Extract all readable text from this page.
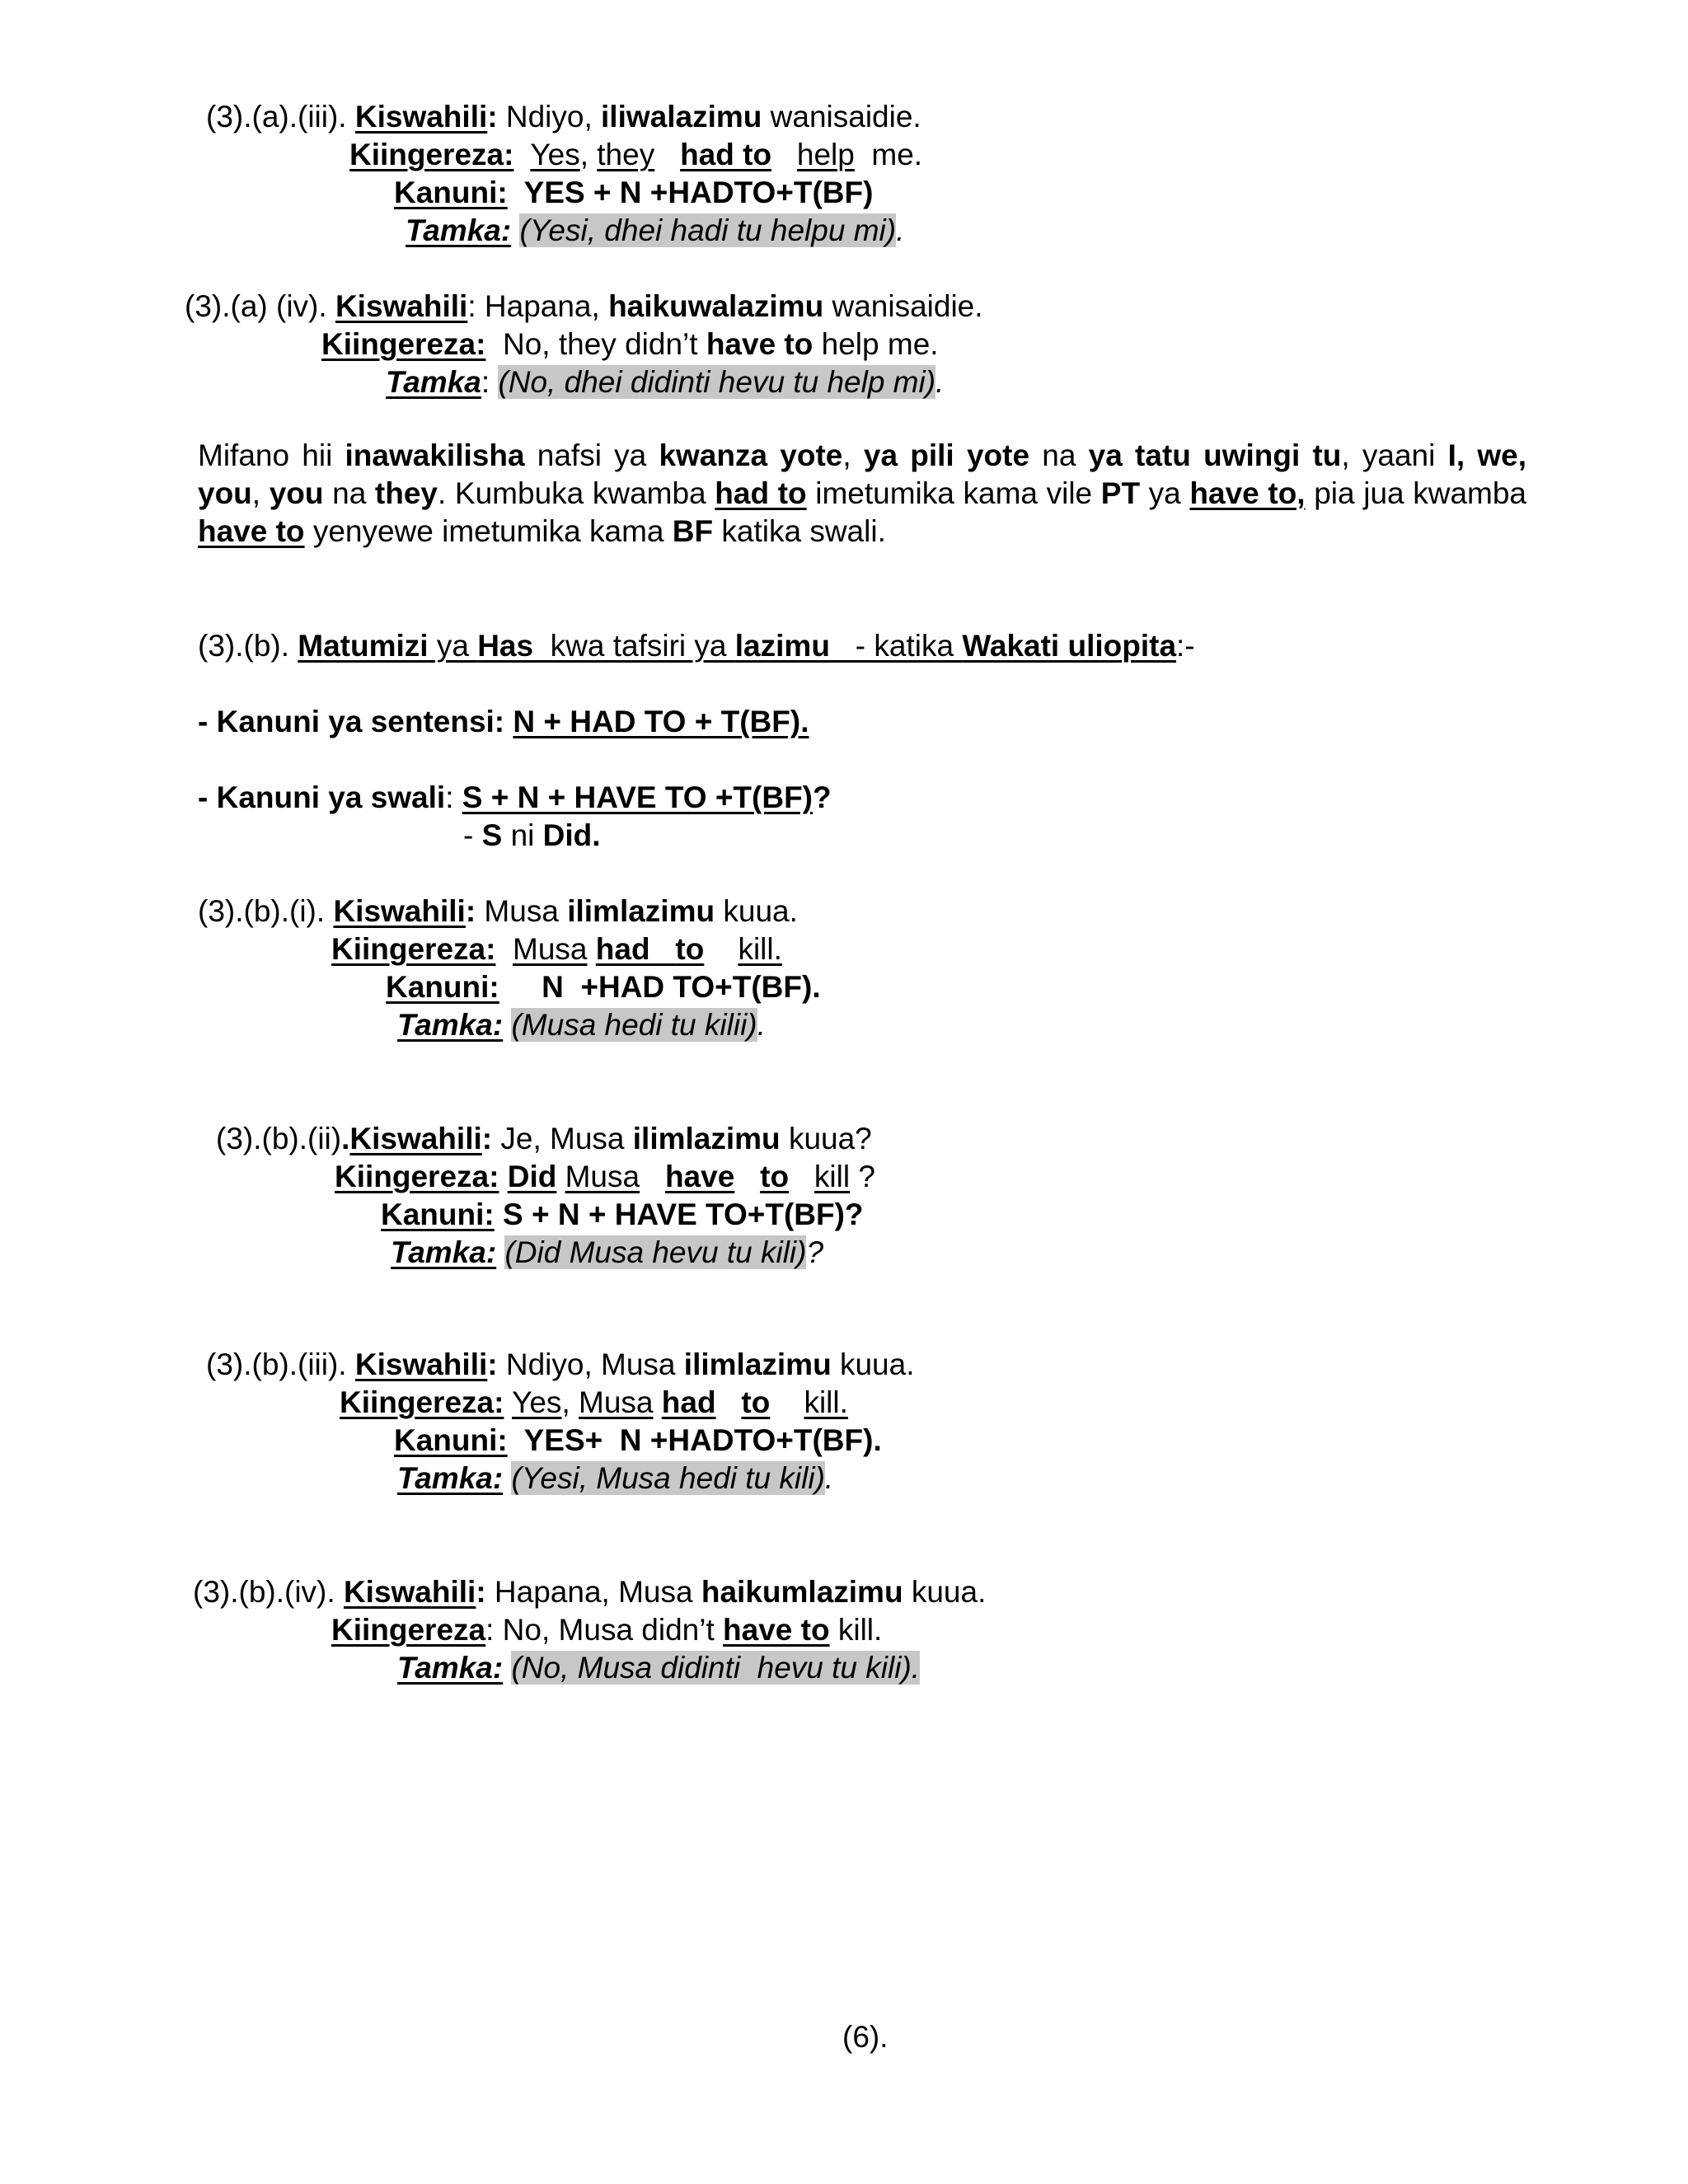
(3).(a).(iii). Kiswahili: Ndiyo, iliwalazimu wanisaidie.
Kiingereza: Yes, they had to help  me.
Kanuni:  YES + N +HADTO+T(BF)
Tamka: (Yesi, dhei hadi tu helpu mi).
(3).(a) (iv). Kiswahili: Hapana, haikuwalazimu wanisaidie.
Kiingereza:  No, they didn’t have to help me.
Tamka: (No, dhei didinti hevu tu help mi).
Mifano hii inawakilisha nafsi ya kwanza yote, ya pili yote na ya tatu uwingi tu, yaani I, we, you, you na they. Kumbuka kwamba had to imetumika kama vile PT ya have to, pia jua kwamba have to yenyewe imetumika kama BF katika swali.
(3).(b). Matumizi ya Has  kwa tafsiri ya lazimu   - katika Wakati uliopita:-
- Kanuni ya sentensi: N + HAD TO + T(BF).
- Kanuni ya swali: S + N + HAVE TO +T(BF)?
- S ni Did.
(3).(b).(i). Kiswahili: Musa ilimlazimu kuua.
Kiingereza: Musa had to kill.
Kanuni: N  +HAD TO+T(BF).
Tamka: (Musa hedi tu kilii).
(3).(b).(ii).Kiswahili: Je, Musa ilimlazimu kuua?
Kiingereza: Did Musa have to kill ?
Kanuni: S + N + HAVE TO+T(BF)?
Tamka: (Did Musa hevu tu kili)?
(3).(b).(iii). Kiswahili: Ndiyo, Musa ilimlazimu kuua.
Kiingereza: Yes, Musa had to kill.
Kanuni:  YES+  N +HADTO+T(BF).
Tamka: (Yesi, Musa hedi tu kili).
(3).(b).(iv). Kiswahili: Hapana, Musa haikumlazimu kuua.
Kiingereza: No, Musa didn’t have to kill.
Tamka: (No, Musa didinti  hevu tu kili).
(6).
